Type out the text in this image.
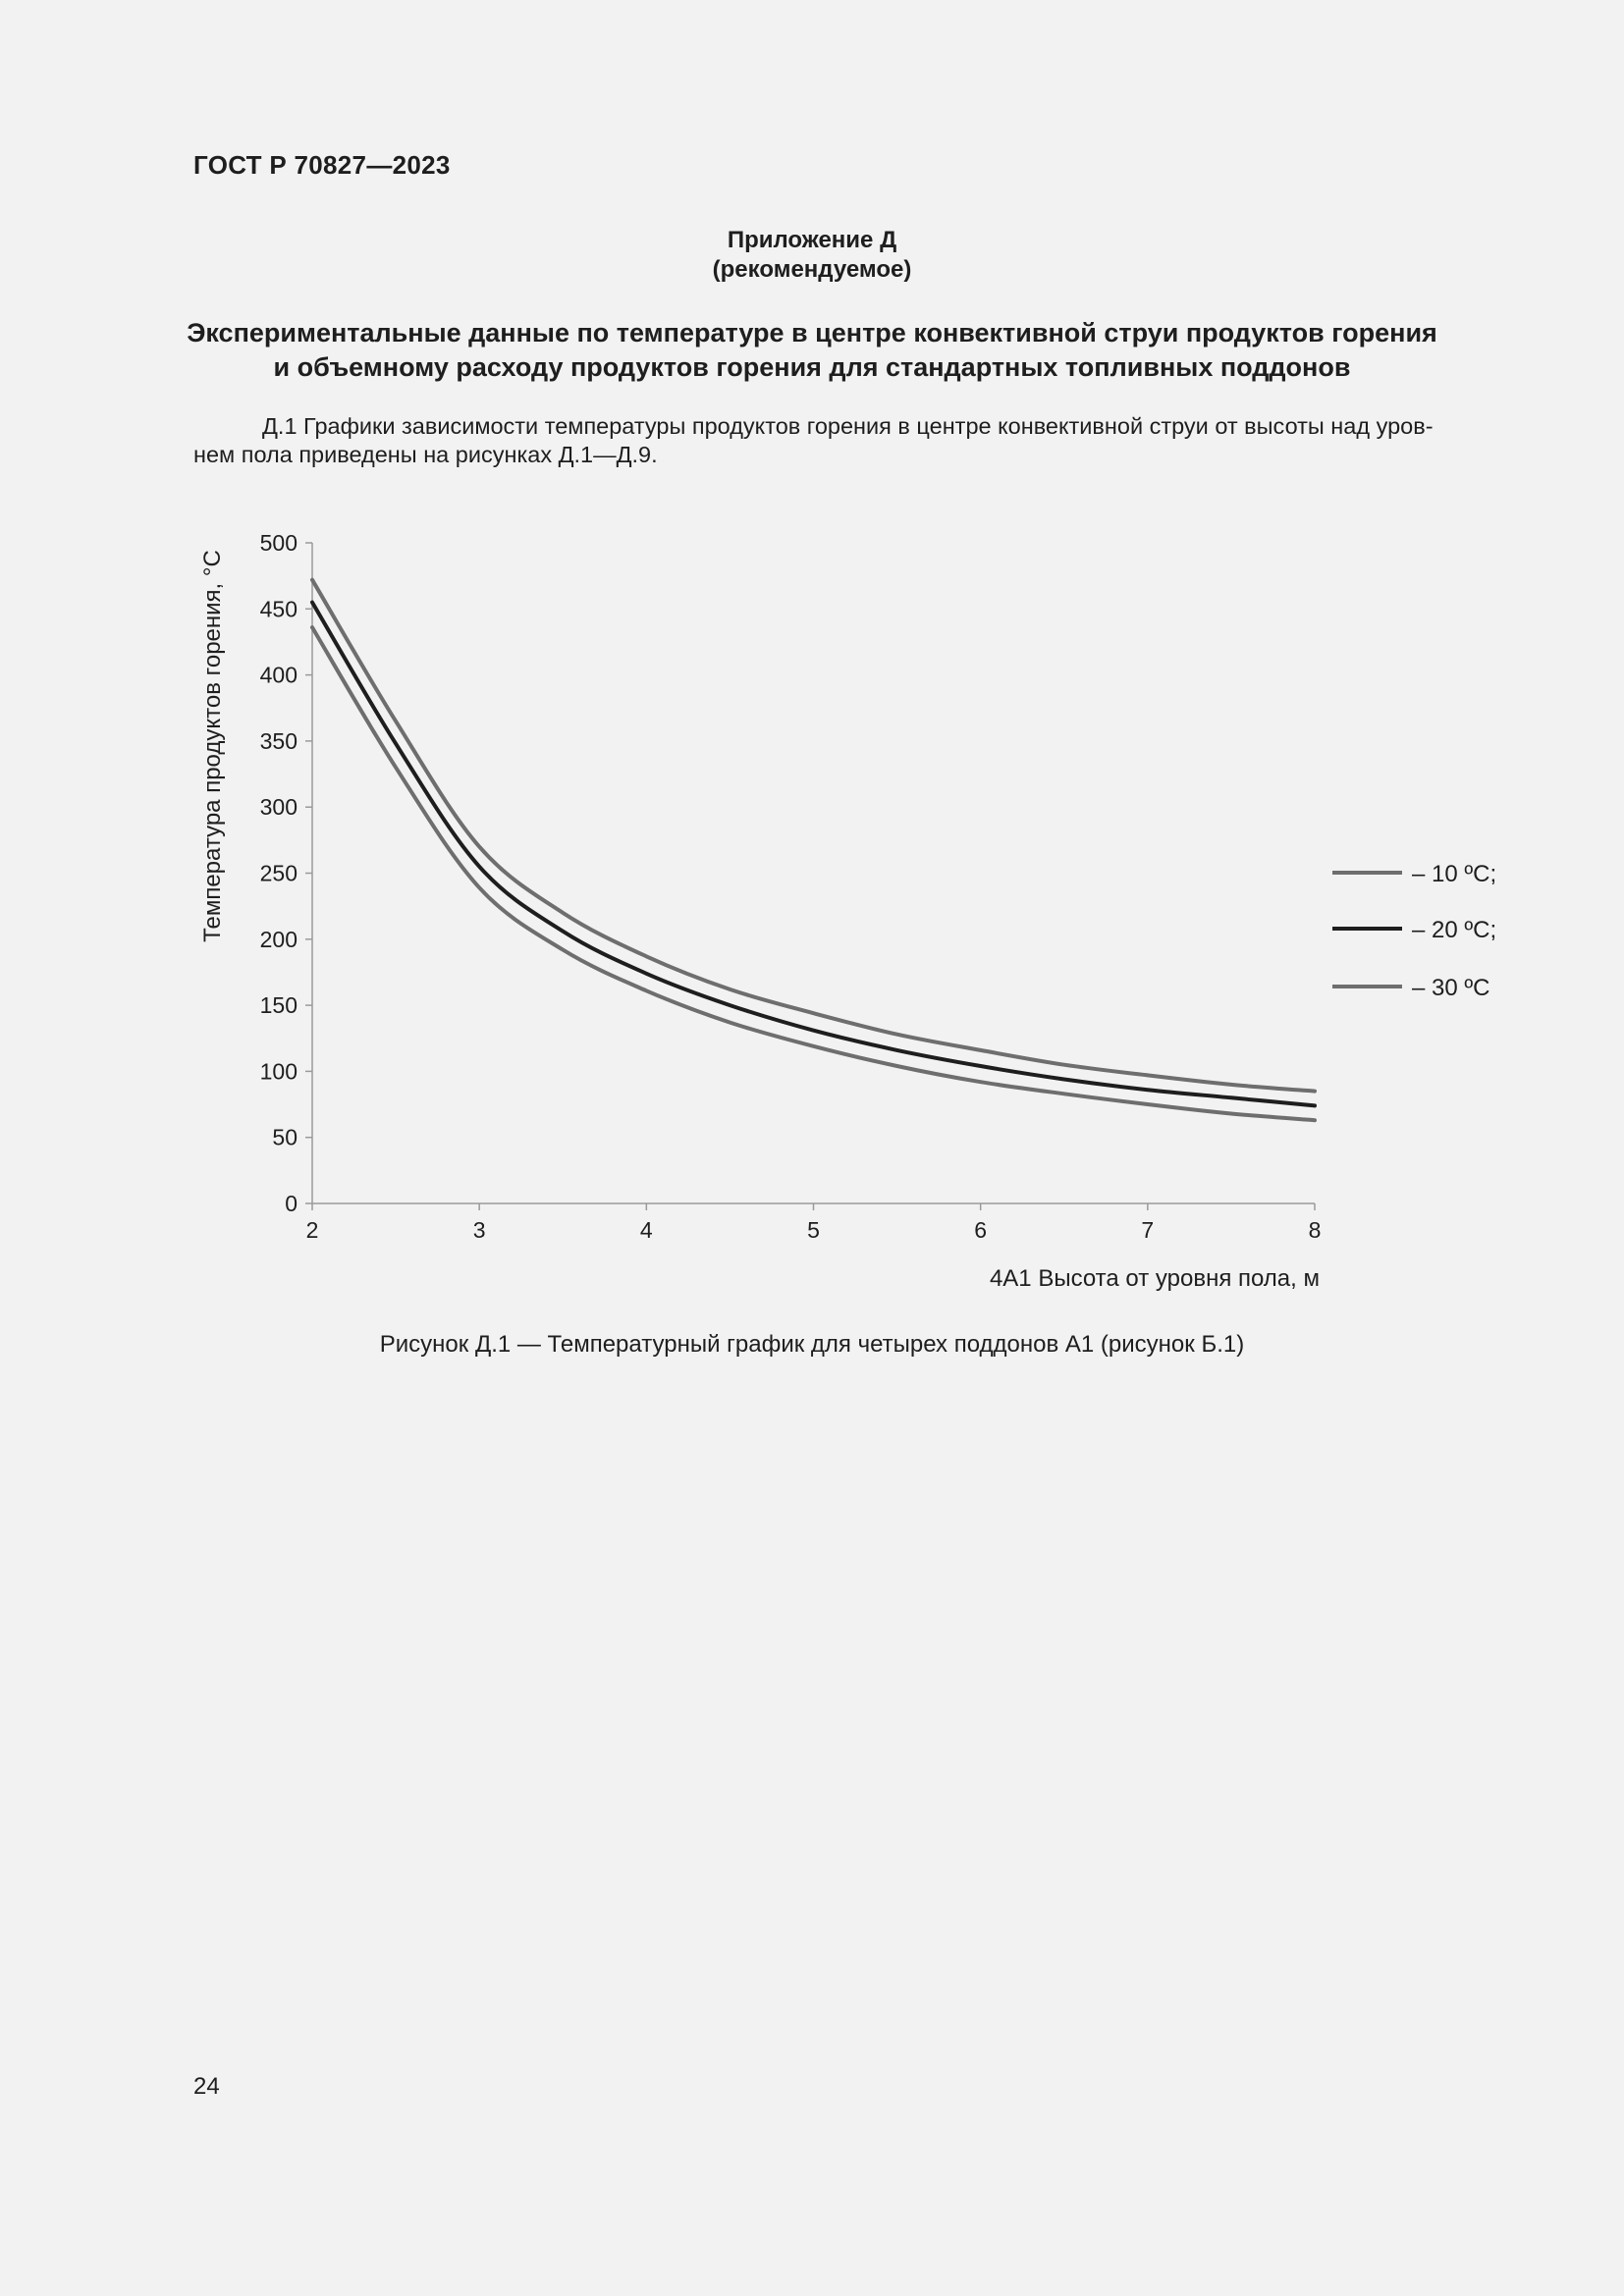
ГОСТ Р 70827—2023
Приложение Д
(рекомендуемое)
Экспериментальные данные по температуре в центре конвективной струи продуктов горения
и объемному расходу продуктов горения для стандартных топливных поддонов
Д.1 Графики зависимости температуры продуктов горения в центре конвективной струи от высоты над уров-
нем пола приведены на рисунках Д.1—Д.9.
0
50
100
150
200
250
300
350
400
450
500
2	3	4	5	6	7	8
4А1 Высота от уровня пола, м
Температура продуктов горения, °С	– 10 ºС;
– 20 ºС;
– 30 ºС
Рисунок Д.1 — Температурный график для четырех поддонов А1 (рисунок Б.1)
24
